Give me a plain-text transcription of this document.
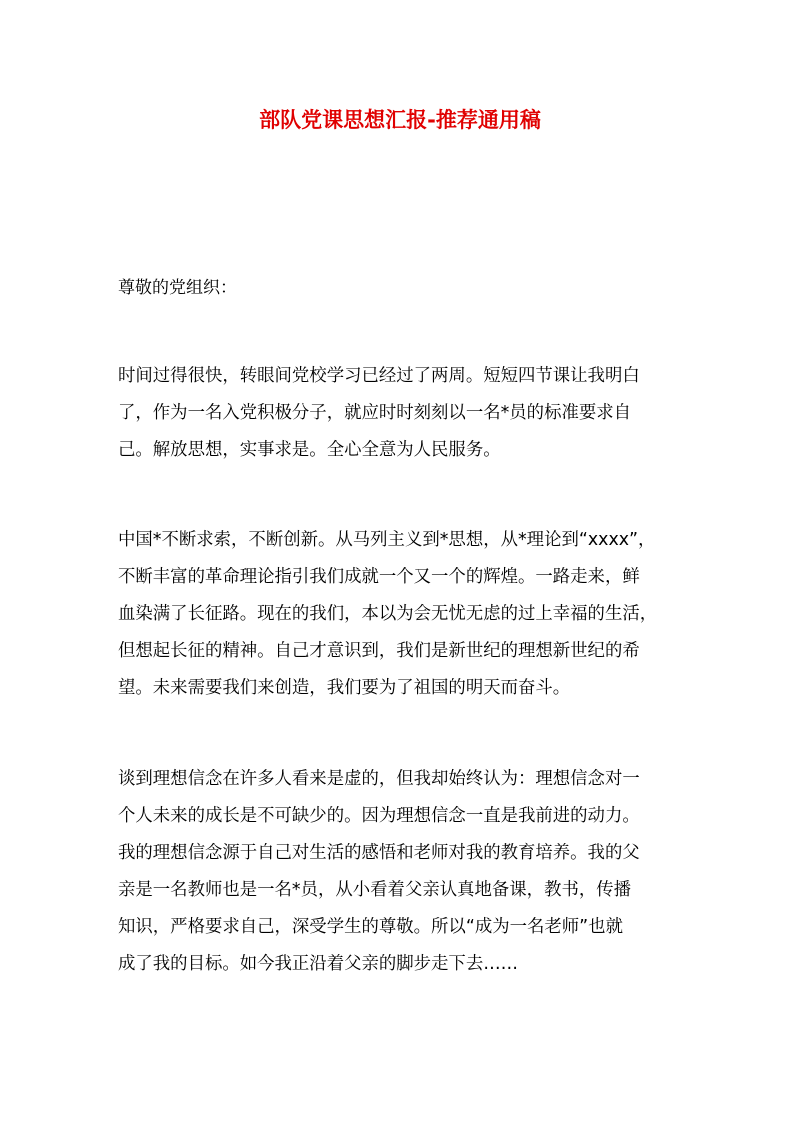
部队党课思想汇报-推荐通用稿
尊敬的党组织：
时间过得很快，转眼间党校学习已经过了两周。短短四节课让我明白
了，作为一名入党积极分子，就应时时刻刻以一名*员的标准要求自
己。解放思想，实事求是。全心全意为人民服务。
中国*不断求索，不断创新。从马列主义到*思想，从*理论到“xxxx”，
不断丰富的革命理论指引我们成就一个又一个的辉煌。一路走来，鲜
血染满了长征路。现在的我们，本以为会无忧无虑的过上幸福的生活，
但想起长征的精神。自己才意识到，我们是新世纪的理想新世纪的希
望。未来需要我们来创造，我们要为了祖国的明天而奋斗。
谈到理想信念在许多人看来是虚的，但我却始终认为：理想信念对一
个人未来的成长是不可缺少的。因为理想信念一直是我前进的动力。
我的理想信念源于自己对生活的感悟和老师对我的教育培养。我的父
亲是一名教师也是一名*员，从小看着父亲认真地备课，教书，传播
知识，严格要求自己，深受学生的尊敬。所以“成为一名老师”也就
成了我的目标。如今我正沿着父亲的脚步走下去……
